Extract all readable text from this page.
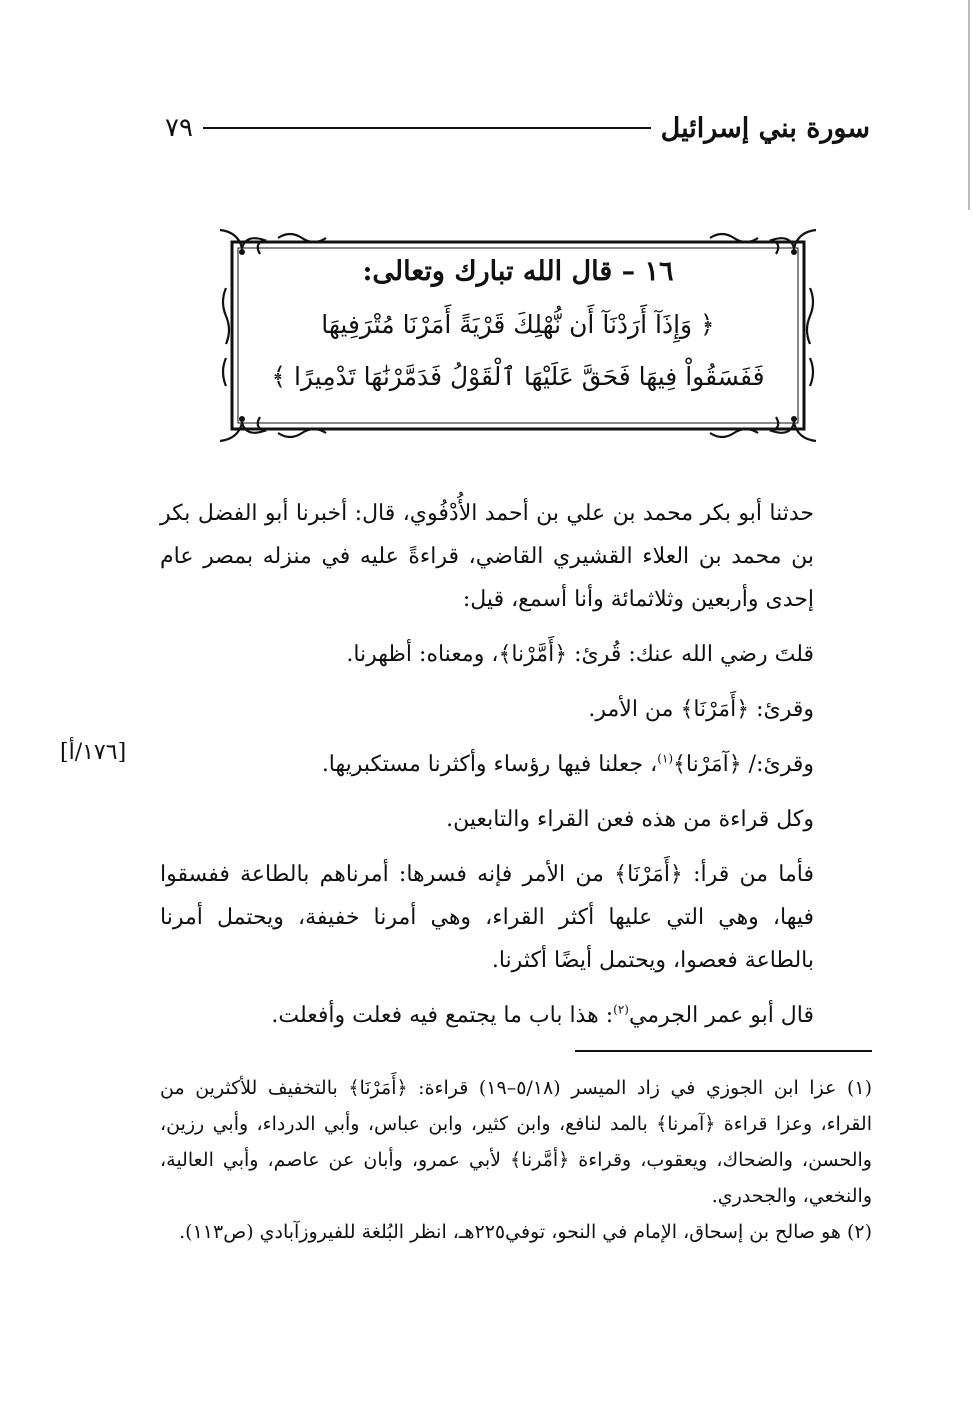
سورة بني إسرائيل
٧٩
١٦ – قال الله تبارك وتعالى:
﴿ وَإِذَآ أَرَدْنَآ أَن نُّهْلِكَ قَرْيَةً أَمَرْنَا مُتْرَفِيهَا
فَفَسَقُواْ فِيهَا فَحَقَّ عَلَيْهَا ٱلْقَوْلُ فَدَمَّرْنَٰهَا تَدْمِيرًا ﴾

حدثنا أبو بكر محمد بن علي بن أحمد الأُدْفُوي، قال: أخبرنا أبو الفضل بكر بن محمد بن العلاء القشيري القاضي، قراءةً عليه في منزله بمصر عام إحدى وأربعين وثلاثمائة وأنا أسمع، قيل:

قلتَ رضي الله عنك: قُرئ: ﴿أَمَّرْنا﴾، ومعناه: أظهرنا.

وقرئ: ﴿أَمَرْنَا﴾ من الأمر.

وقرئ:/ ﴿آمَرْنا﴾$^{(١)}$، جعلنا فيها رؤساء وأكثرنا مستكبريها.

وكل قراءة من هذه فعن القراء والتابعين.

فأما من قرأ: ﴿أَمَرْنَا﴾ من الأمر فإنه فسرها: أمرناهم بالطاعة ففسقوا فيها، وهي التي عليها أكثر القراء، وهي أمرنا خفيفة، ويحتمل أمرنا بالطاعة فعصوا، ويحتمل أيضًا أكثرنا.

قال أبو عمر الجرمي$^{(٢)}$: هذا باب ما يجتمع فيه فعلت وأفعلت.

[١٧٦/أ]

(١) عزا ابن الجوزي في زاد الميسر (٥/١٨–١٩) قراءة: ﴿أَمَرْنَا﴾ بالتخفيف للأكثرين من القراء، وعزا قراءة ﴿آمرنا﴾ بالمد لنافع، وابن كثير، وابن عباس، وأبي الدرداء، وأبي رزين، والحسن، والضحاك، ويعقوب، وقراءة ﴿أمَّرنا﴾ لأبي عمرو، وأبان عن عاصم، وأبي العالية، والنخعي، والجحدري.

(٢) هو صالح بن إسحاق، الإمام في النحو، توفي٢٢٥هـ، انظر البُلغة للفيروزآبادي (ص١١٣).
